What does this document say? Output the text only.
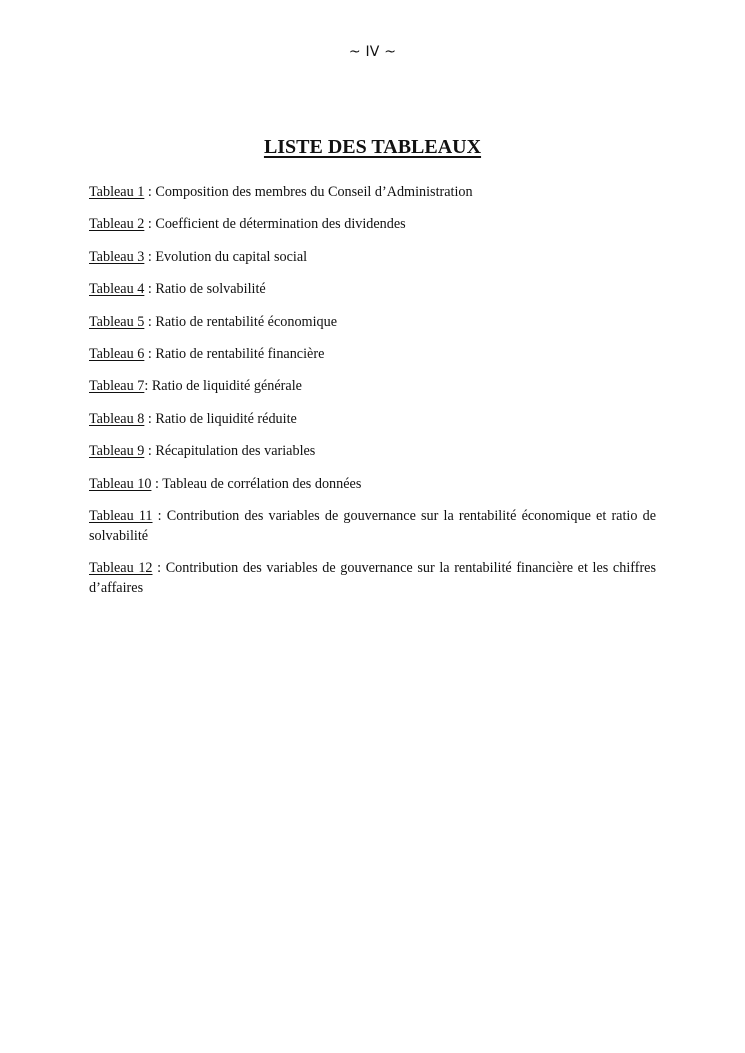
~ IV ~
LISTE DES TABLEAUX
Tableau 1 : Composition des membres du Conseil d’Administration
Tableau 2 : Coefficient de détermination des dividendes
Tableau 3 : Evolution du capital social
Tableau 4 : Ratio de solvabilité
Tableau 5 : Ratio de rentabilité économique
Tableau 6 : Ratio de rentabilité financière
Tableau 7: Ratio de liquidité générale
Tableau 8 : Ratio de liquidité réduite
Tableau 9 : Récapitulation des variables
Tableau 10 : Tableau de corrélation des données
Tableau 11 : Contribution des variables de gouvernance sur la rentabilité économique et ratio de solvabilité
Tableau 12 : Contribution des variables de gouvernance sur la rentabilité financière et les chiffres d’affaires
